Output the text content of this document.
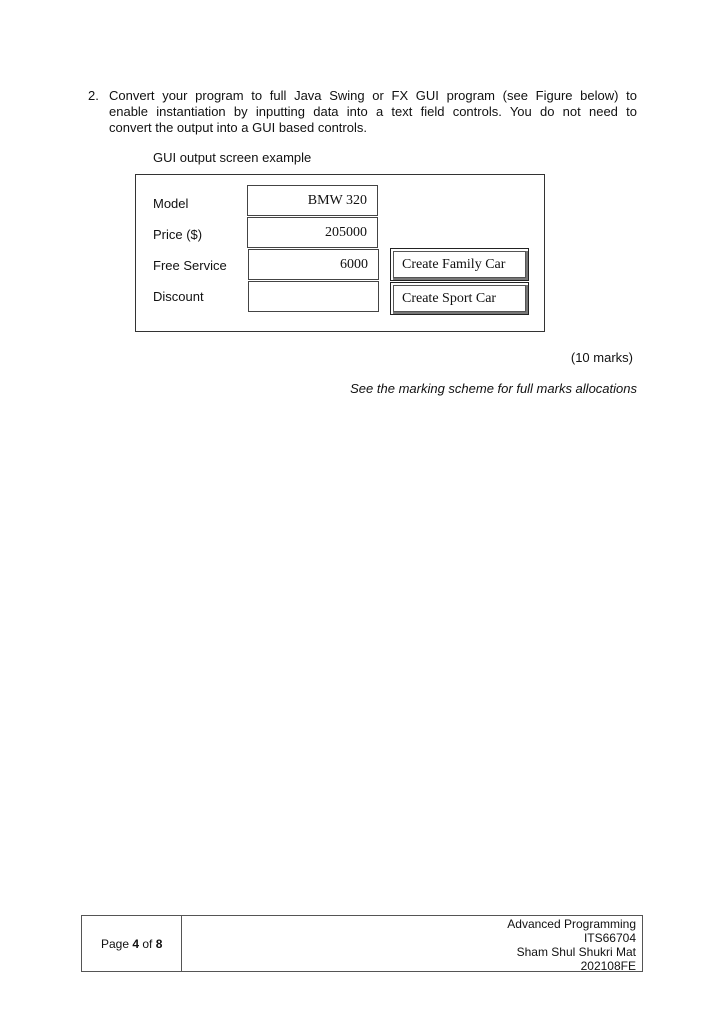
2. Convert your program to full Java Swing or FX GUI program (see Figure below) to
enable instantiation by inputting data into a text field controls. You do not need to
convert the output into a GUI based controls.
GUI output screen example
Model
Price ($)
Free Service
Discount
BMW 320
205000
6000	Create Family Car
Create Sport Car
(10 marks)
See the marking scheme for full marks allocations
Page 4 of 8
Advanced Programming
ITS66704
Sham Shul Shukri Mat
202108FE
